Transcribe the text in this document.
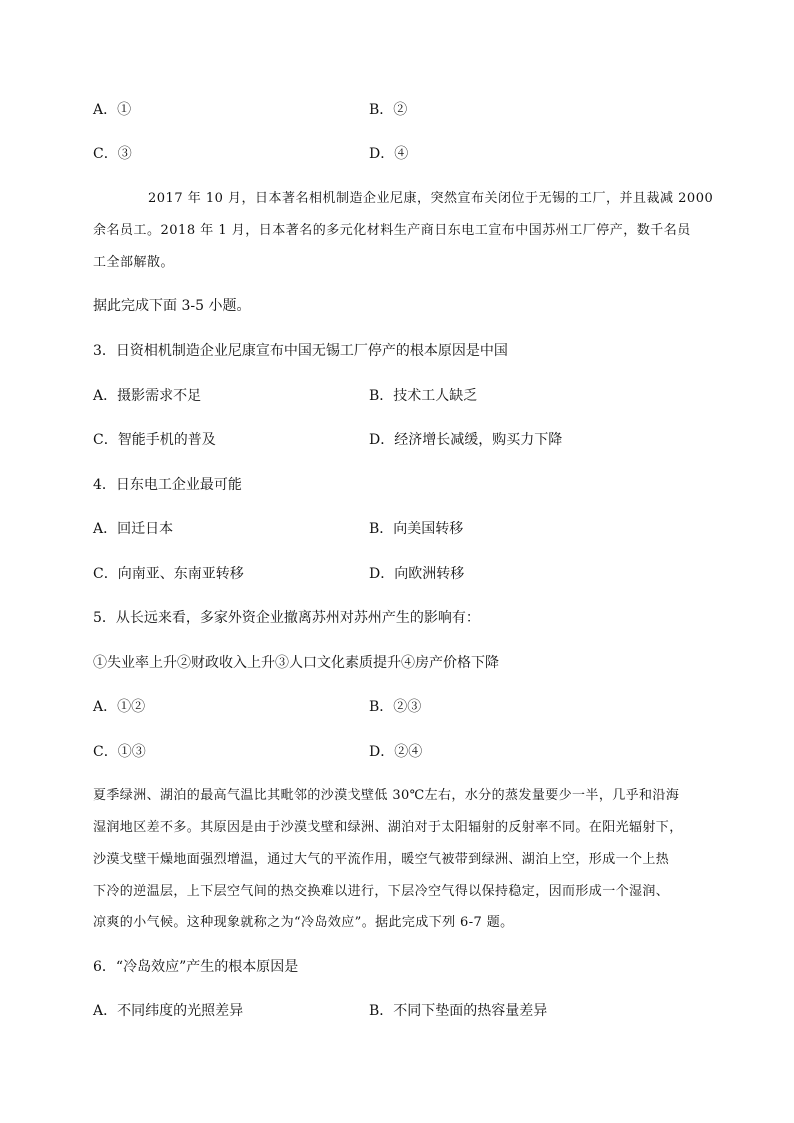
A．①	B．②
C．③	D．④
2017 年 10 月，日本著名相机制造企业尼康，突然宣布关闭位于无锡的工厂，并且裁减 2000
余名员工。2018 年 1 月，日本著名的多元化材料生产商日东电工宣布中国苏州工厂停产，数千名员
工全部解散。
据此完成下面 3-5 小题。
3．日资相机制造企业尼康宣布中国无锡工厂停产的根本原因是中国
A．摄影需求不足	B．技术工人缺乏
C．智能手机的普及	D．经济增长减缓，购买力下降
4．日东电工企业最可能
A．回迁日本	B．向美国转移
C．向南亚、东南亚转移	D．向欧洲转移
5．从长远来看，多家外资企业撤离苏州对苏州产生的影响有：
①失业率上升②财政收入上升③人口文化素质提升④房产价格下降
A．①②	B．②③
C．①③	D．②④
夏季绿洲、湖泊的最高气温比其毗邻的沙漠戈壁低 30℃左右，水分的蒸发量要少一半，几乎和沿海
湿润地区差不多。其原因是由于沙漠戈壁和绿洲、湖泊对于太阳辐射的反射率不同。在阳光辐射下，
沙漠戈壁干燥地面强烈增温，通过大气的平流作用，暖空气被带到绿洲、湖泊上空，形成一个上热
下冷的逆温层，上下层空气间的热交换难以进行，下层冷空气得以保持稳定，因而形成一个湿润、
凉爽的小气候。这种现象就称之为“冷岛效应”。据此完成下列 6-7 题。
6．“冷岛效应”产生的根本原因是
A．不同纬度的光照差异	B．不同下垫面的热容量差异
